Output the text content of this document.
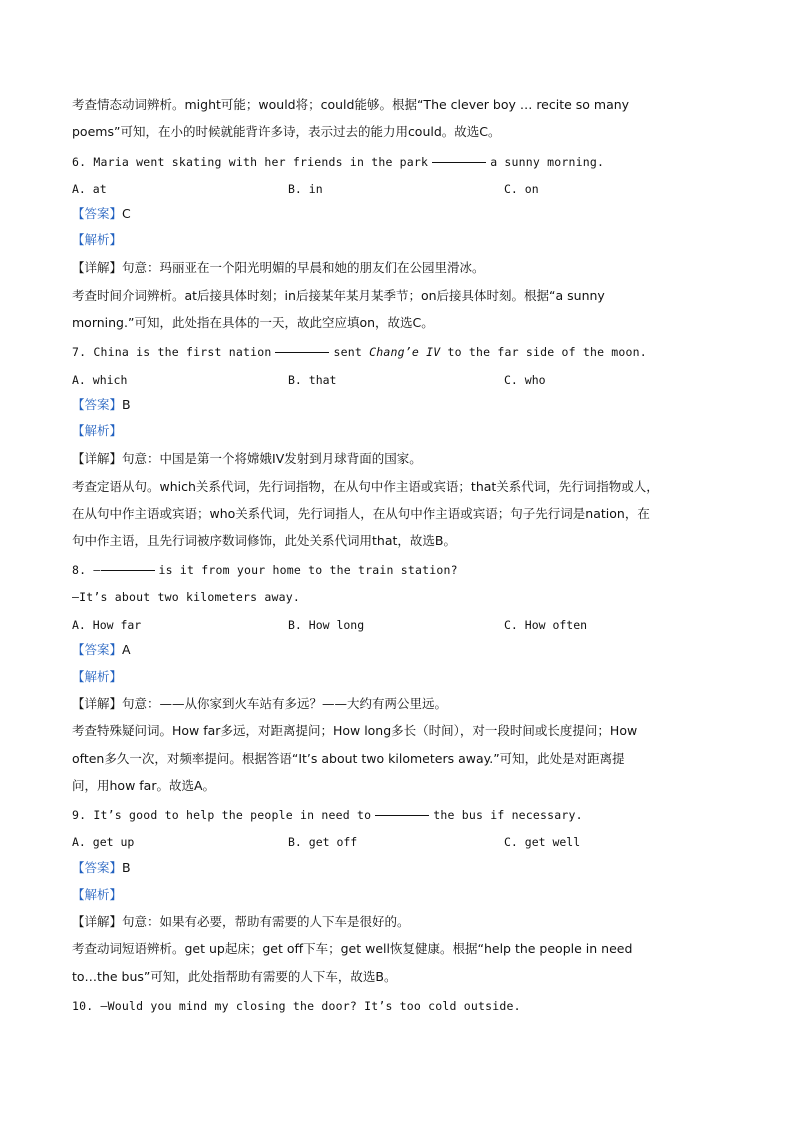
考查情态动词辨析。might可能；would将；could能够。根据“The clever boy … recite so many
poems”可知，在小的时候就能背许多诗，表示过去的能力用could。故选C。
6. Maria went skating with her friends in the park	a sunny morning.
A. at	B. in	C. on
【答案】C
【解析】
【详解】句意：玛丽亚在一个阳光明媚的早晨和她的朋友们在公园里滑冰。
考查时间介词辨析。at后接具体时刻；in后接某年某月某季节；on后接具体时刻。根据“a sunny
morning.”可知，此处指在具体的一天，故此空应填on，故选C。
7. China is the first nation	sent Chang’e IV to the far side of the moon.
A. which	B. that	C. who
【答案】B
【解析】
【详解】句意：中国是第一个将嫦娥IV发射到月球背面的国家。
考查定语从句。which关系代词，先行词指物，在从句中作主语或宾语；that关系代词，先行词指物或人，
在从句中作主语或宾语；who关系代词，先行词指人，在从句中作主语或宾语；句子先行词是nation，在
句中作主语，且先行词被序数词修饰，此处关系代词用that，故选B。
8. —	is it from your home to the train station?
—It’s about two kilometers away.
A. How far	B. How long	C. How often
【答案】A
【解析】
【详解】句意：——从你家到火车站有多远？——大约有两公里远。
考查特殊疑问词。How far多远，对距离提问；How long多长（时间），对一段时间或长度提问；How
often多久一次，对频率提问。根据答语“It’s about two kilometers away.”可知，此处是对距离提
问，用how far。故选A。
9. It’s good to help the people in need to	the bus if necessary.
A. get up	B. get off	C. get well
【答案】B
【解析】
【详解】句意：如果有必要，帮助有需要的人下车是很好的。
考查动词短语辨析。get up起床；get off下车；get well恢复健康。根据“help the people in need
to…the bus”可知，此处指帮助有需要的人下车，故选B。
10. —Would you mind my closing the door? It’s too cold outside.
